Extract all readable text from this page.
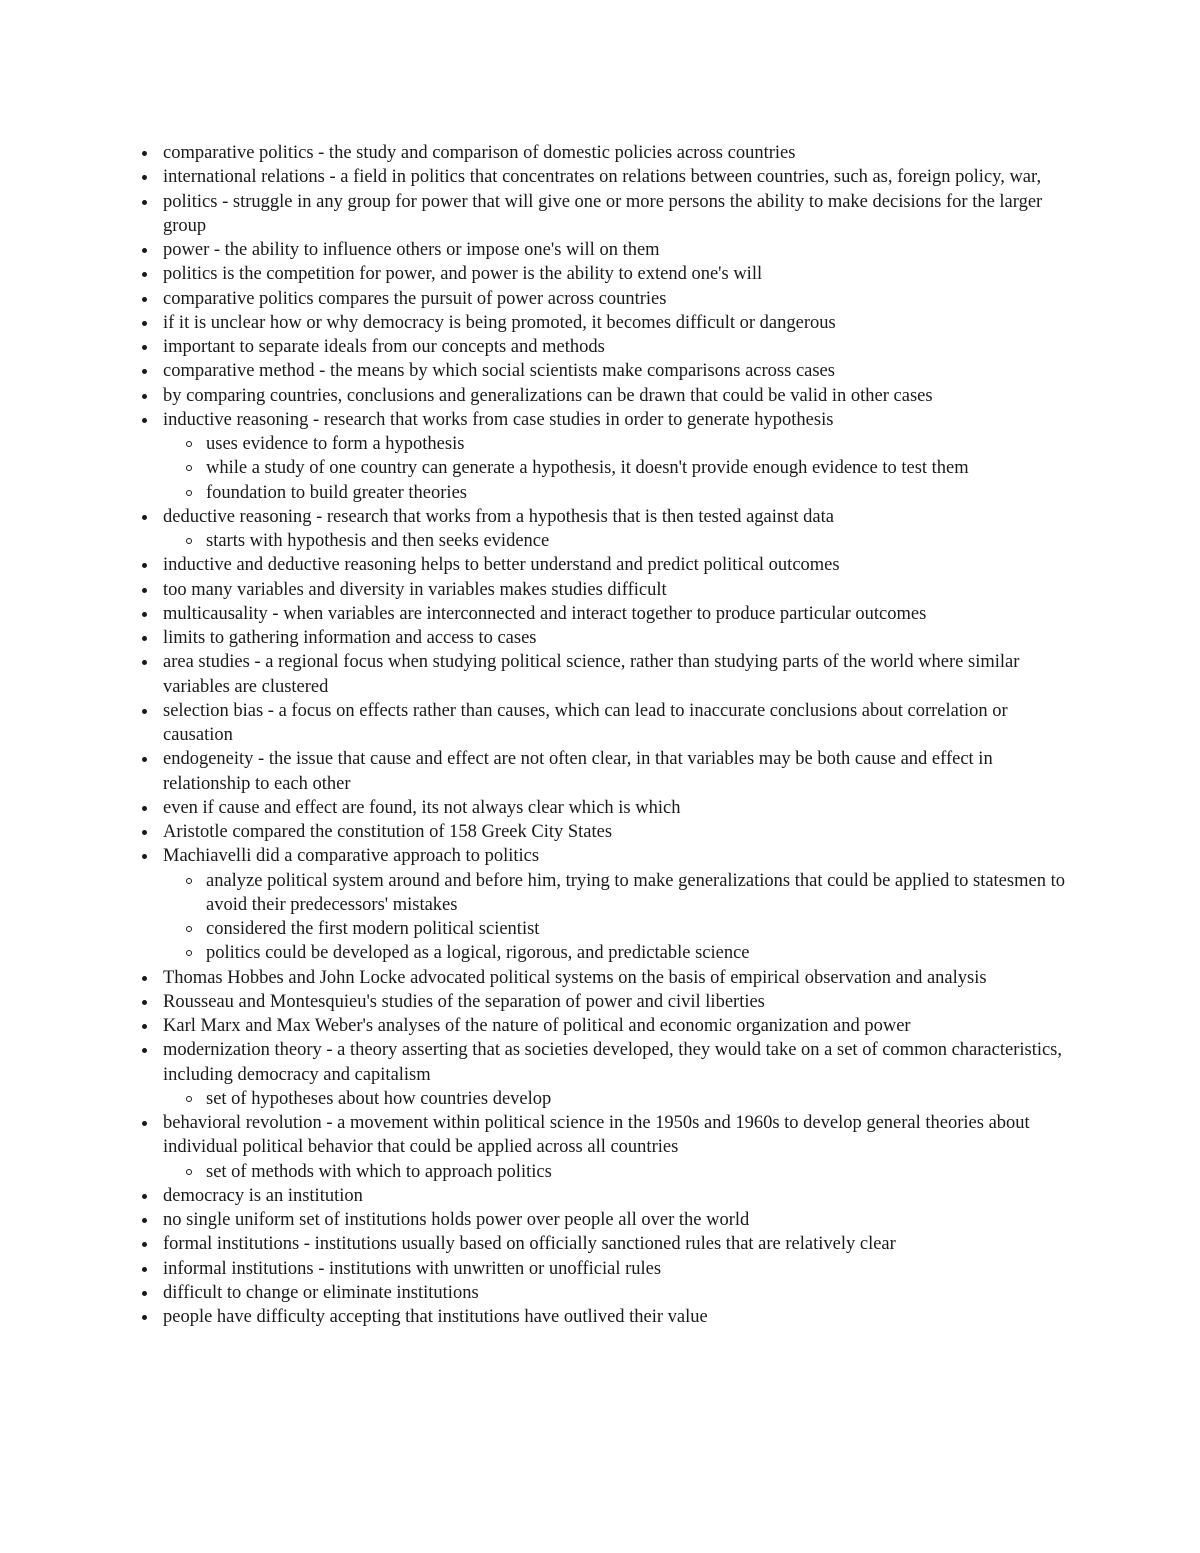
comparative politics - the study and comparison of domestic policies across countries
international relations - a field in politics that concentrates on relations between countries, such as, foreign policy, war,
politics - struggle in any group for power that will give one or more persons the ability to make decisions for the larger group
power - the ability to influence others or impose one's will on them
politics is the competition for power, and power is the ability to extend one's will
comparative politics compares the pursuit of power across countries
if it is unclear how or why democracy is being promoted, it becomes difficult or dangerous
important to separate ideals from our concepts and methods
comparative method - the means by which social scientists make comparisons across cases
by comparing countries, conclusions and generalizations can be drawn that could be valid in other cases
inductive reasoning - research that works from case studies in order to generate hypothesis
uses evidence to form a hypothesis
while a study of one country can generate a hypothesis, it doesn't provide enough evidence to test them
foundation to build greater theories
deductive reasoning - research that works from a hypothesis that is then tested against data
starts with hypothesis and then seeks evidence
inductive and deductive reasoning helps to better understand and predict political outcomes
too many variables and diversity in variables makes studies difficult
multicausality - when variables are interconnected and interact together to produce particular outcomes
limits to gathering information and access to cases
area studies - a regional focus when studying political science, rather than studying parts of the world where similar variables are clustered
selection bias - a focus on effects rather than causes, which can lead to inaccurate conclusions about correlation or causation
endogeneity - the issue that cause and effect are not often clear, in that variables may be both cause and effect in relationship to each other
even if cause and effect are found, its not always clear which is which
Aristotle compared the constitution of 158 Greek City States
Machiavelli did a comparative approach to politics
analyze political system around and before him, trying to make generalizations that could be applied to statesmen to avoid their predecessors' mistakes
considered the first modern political scientist
politics could be developed as a logical, rigorous, and predictable science
Thomas Hobbes and John Locke advocated political systems on the basis of empirical observation and analysis
Rousseau and Montesquieu's studies of the separation of power and civil liberties
Karl Marx and Max Weber's analyses of the nature of political and economic organization and power
modernization theory - a theory asserting that as societies developed, they would take on a set of common characteristics, including democracy and capitalism
set of hypotheses about how countries develop
behavioral revolution - a movement within political science in the 1950s and 1960s to develop general theories about individual political behavior that could be applied across all countries
set of methods with which to approach politics
democracy is an institution
no single uniform set of institutions holds power over people all over the world
formal institutions - institutions usually based on officially sanctioned rules that are relatively clear
informal institutions - institutions with unwritten or unofficial rules
difficult to change or eliminate institutions
people have difficulty accepting that institutions have outlived their value
